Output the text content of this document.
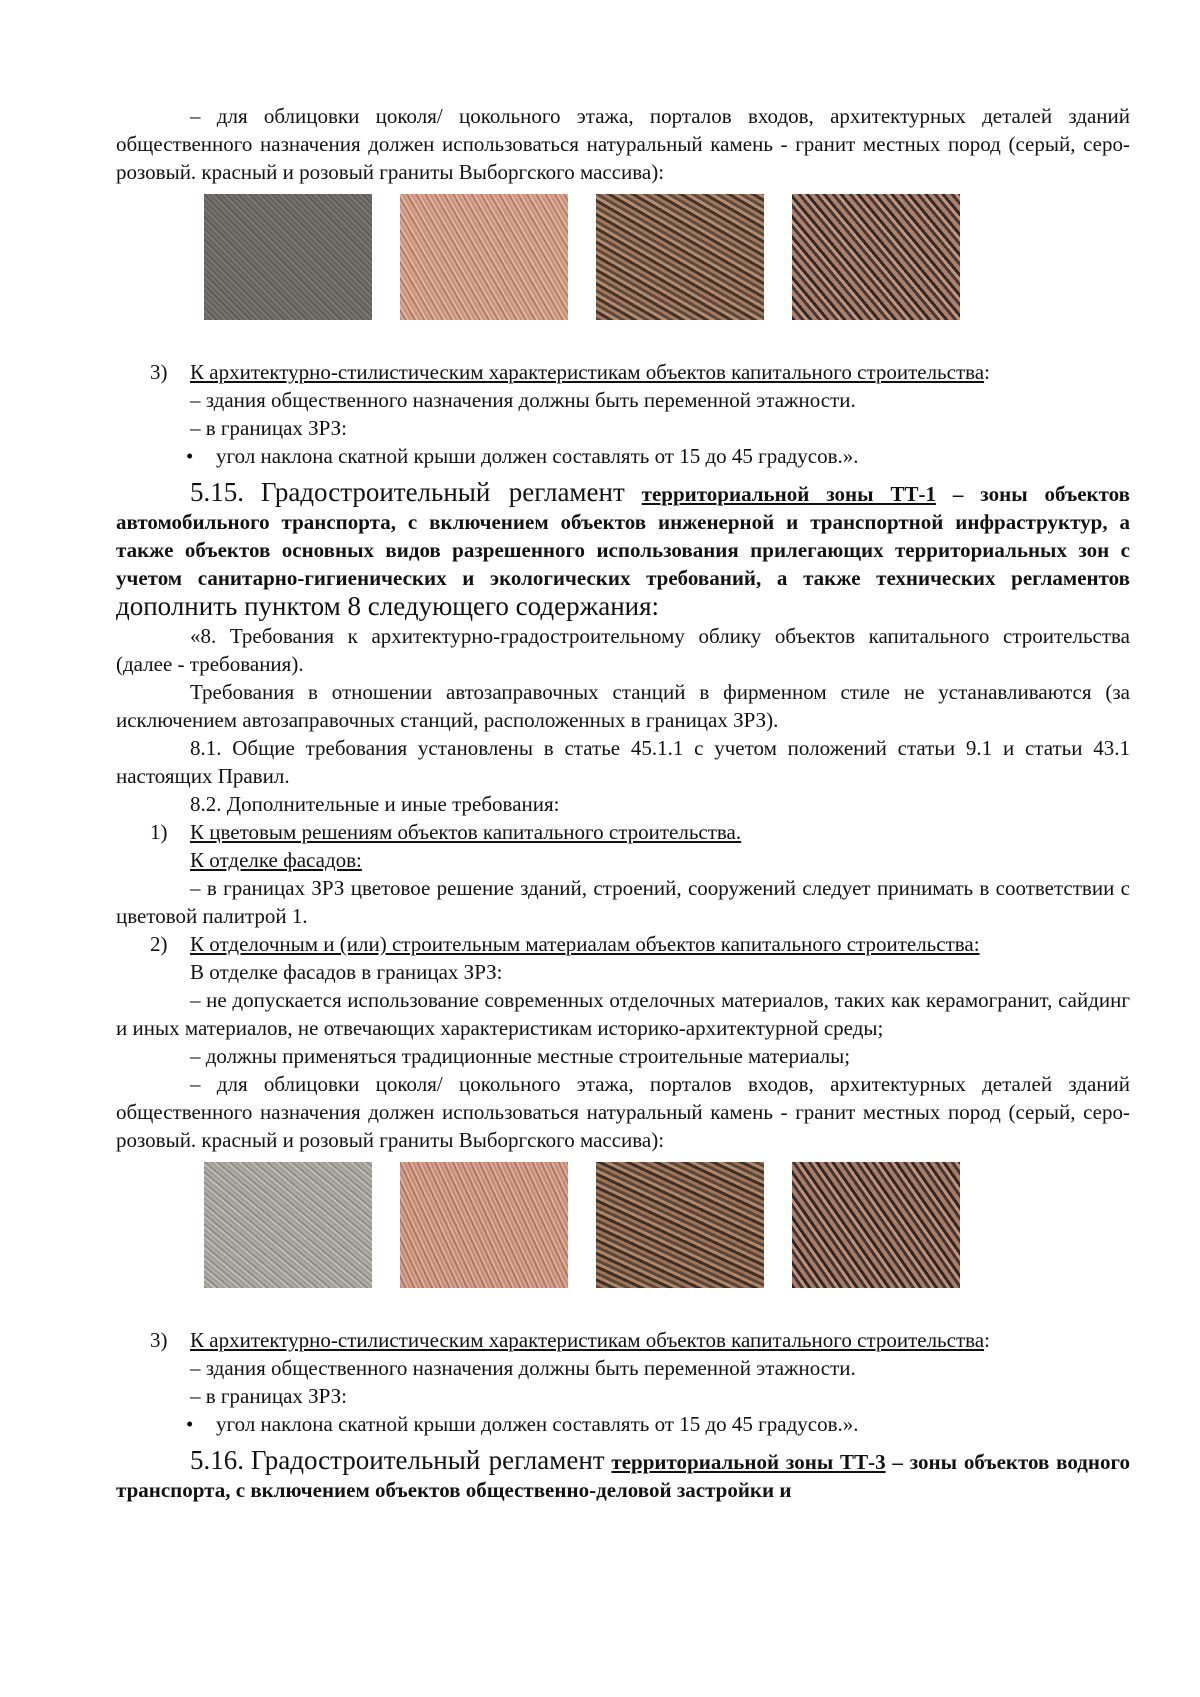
– для облицовки цоколя/ цокольного этажа, порталов входов, архитектурных деталей зданий общественного назначения должен использоваться натуральный камень - гранит местных пород (серый, серо-розовый. красный и розовый граниты Выборгского массива):

3) К архитектурно-стилистическим характеристикам объектов капитального строительства:

– здания общественного назначения должны быть переменной этажности.

– в границах ЗРЗ:

• угол наклона скатной крыши должен составлять от 15 до 45 градусов.».

5.15. Градостроительный регламент территориальной зоны ТТ-1 – зоны объектов автомобильного транспорта, с включением объектов инженерной и транспортной инфраструктур, а также объектов основных видов разрешенного использования прилегающих территориальных зон с учетом санитарно-гигиенических и экологических требований, а также технических регламентов дополнить пунктом 8 следующего содержания:

«8. Требования к архитектурно-градостроительному облику объектов капитального строительства (далее - требования).

Требования в отношении автозаправочных станций в фирменном стиле не устанавливаются (за исключением автозаправочных станций, расположенных в границах ЗРЗ).

8.1. Общие требования установлены в статье 45.1.1 с учетом положений статьи 9.1 и статьи 43.1 настоящих Правил.

8.2. Дополнительные и иные требования:

1) К цветовым решениям объектов капитального строительства.

К отделке фасадов:

– в границах ЗРЗ цветовое решение зданий, строений, сооружений следует принимать в соответствии с цветовой палитрой 1.

2) К отделочным и (или) строительным материалам объектов капитального строительства:

В отделке фасадов в границах ЗРЗ:

– не допускается использование современных отделочных материалов, таких как керамогранит, сайдинг и иных материалов, не отвечающих характеристикам историко-архитектурной среды;

– должны применяться традиционные местные строительные материалы;

– для облицовки цоколя/ цокольного этажа, порталов входов, архитектурных деталей зданий общественного назначения должен использоваться натуральный камень - гранит местных пород (серый, серо-розовый. красный и розовый граниты Выборгского массива):

3) К архитектурно-стилистическим характеристикам объектов капитального строительства:

– здания общественного назначения должны быть переменной этажности.

– в границах ЗРЗ:

• угол наклона скатной крыши должен составлять от 15 до 45 градусов.».

5.16. Градостроительный регламент территориальной зоны ТТ-3 – зоны объектов водного транспорта, с включением объектов общественно-деловой застройки и
